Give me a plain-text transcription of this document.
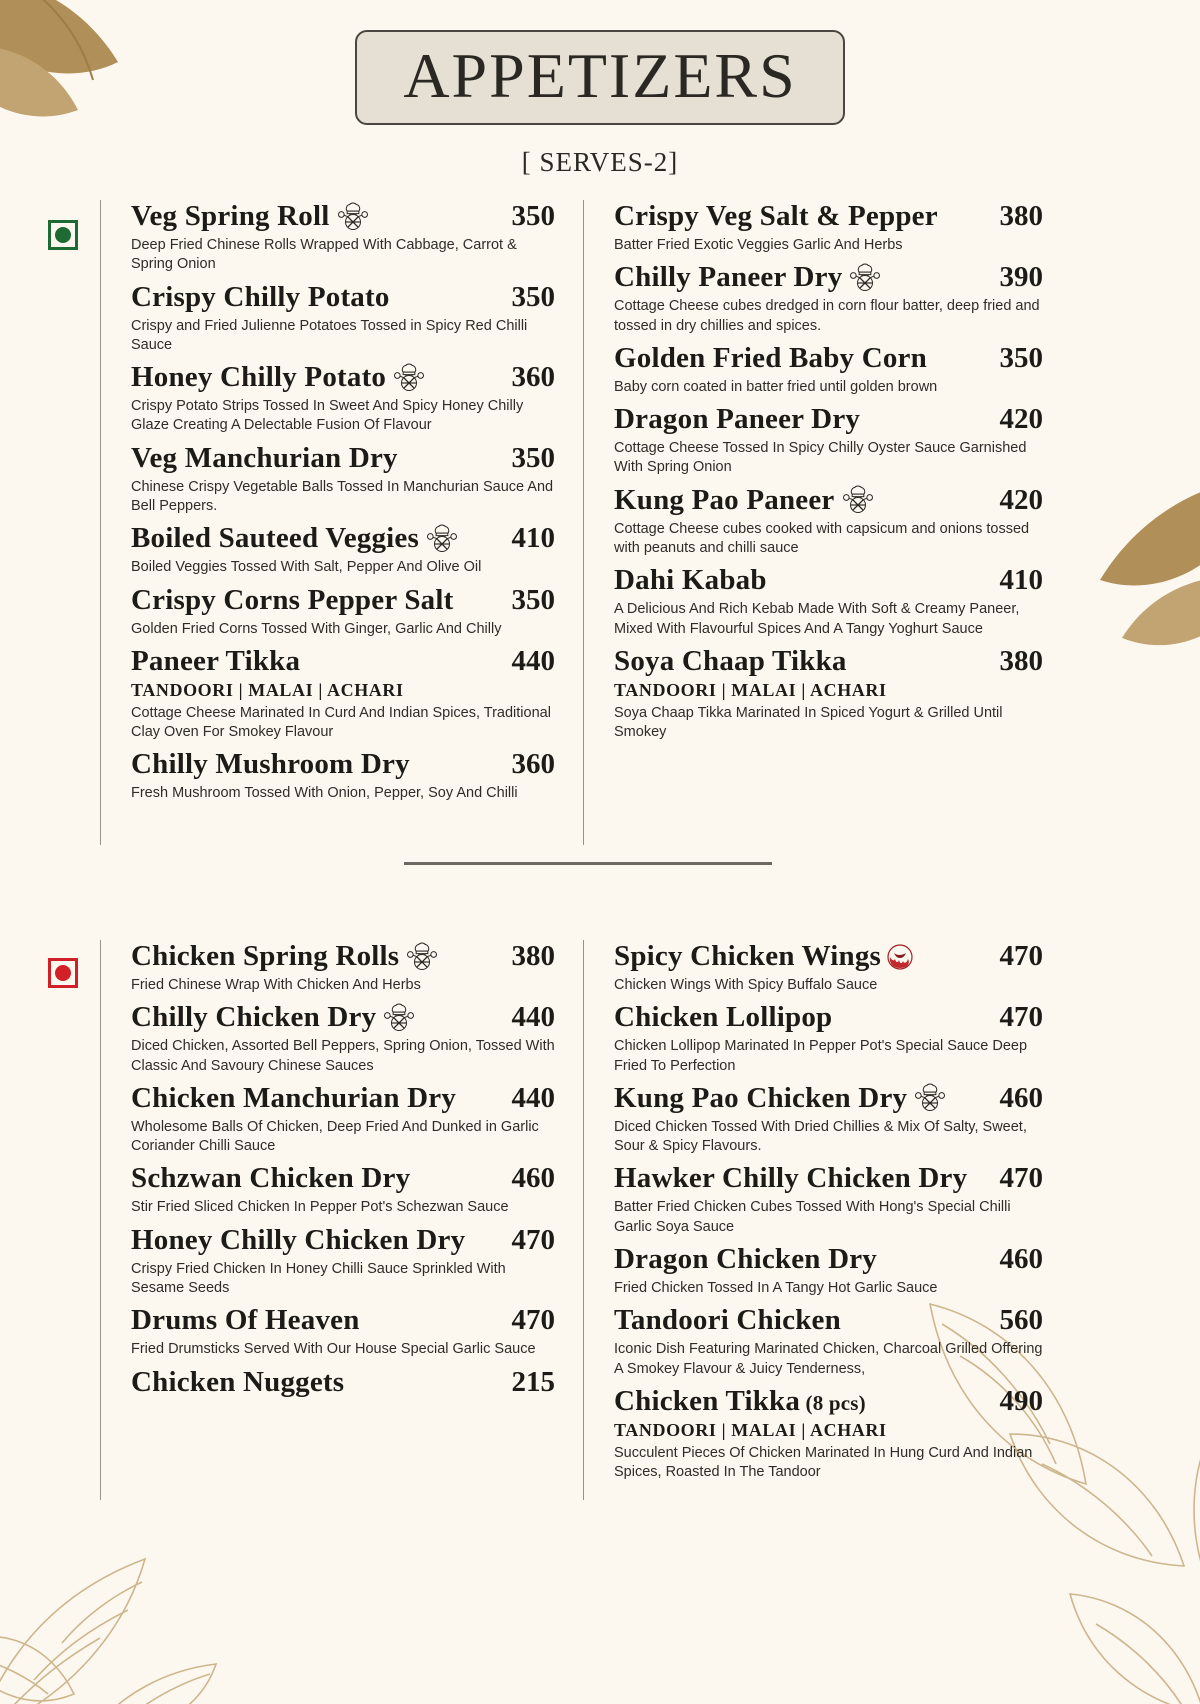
APPETIZERS
[ SERVES-2]
Veg Spring Roll	350
Deep Fried Chinese Rolls Wrapped With Cabbage, Carrot & Spring Onion
Crispy Chilly Potato	350
Crispy and Fried Julienne Potatoes Tossed in Spicy Red Chilli Sauce
Honey Chilly Potato	360
Crispy Potato Strips Tossed In Sweet And Spicy Honey Chilly Glaze Creating A Delectable Fusion Of Flavour
Veg Manchurian Dry	350
Chinese Crispy Vegetable Balls Tossed In Manchurian Sauce And Bell Peppers.
Boiled Sauteed Veggies	410
Boiled Veggies Tossed With Salt, Pepper And Olive Oil
Crispy Corns Pepper Salt 350
Golden Fried Corns Tossed With Ginger, Garlic And Chilly
Paneer Tikka	440
TANDOORI | MALAI | ACHARI
Cottage Cheese Marinated In Curd And Indian Spices, Traditional Clay Oven For Smokey Flavour
Chilly Mushroom Dry	360
Fresh Mushroom Tossed With Onion, Pepper, Soy And Chilli
Crispy Veg Salt & Pepper 380
Batter Fried Exotic Veggies Garlic And Herbs
Chilly Paneer Dry	390
Cottage Cheese cubes dredged in corn flour batter, deep fried and tossed in dry chillies and spices.
Golden Fried Baby Corn	350
Baby corn coated in batter fried until golden brown
Dragon Paneer Dry	420
Cottage Cheese Tossed In Spicy Chilly Oyster Sauce Garnished With Spring Onion
Kung Pao Paneer	420
Cottage Cheese cubes cooked with capsicum and onions tossed with peanuts and chilli sauce
Dahi Kabab	410
A Delicious And Rich Kebab Made With Soft & Creamy Paneer, Mixed With Flavourful Spices And A Tangy Yoghurt Sauce
Soya Chaap Tikka	380
TANDOORI | MALAI | ACHARI
Soya Chaap Tikka Marinated In Spiced Yogurt & Grilled Until Smokey
Chicken Spring Rolls	380
Fried Chinese Wrap With Chicken And Herbs
Chilly Chicken Dry	440
Diced Chicken, Assorted Bell Peppers, Spring Onion, Tossed With Classic And Savoury Chinese Sauces
Chicken Manchurian Dry 440
Wholesome Balls Of Chicken, Deep Fried And Dunked in Garlic Coriander Chilli Sauce
Schzwan Chicken Dry	460
Stir Fried Sliced Chicken In Pepper Pot's Schezwan Sauce
Honey Chilly Chicken Dry 470
Crispy Fried Chicken In Honey Chilli Sauce Sprinkled With Sesame Seeds
Drums Of Heaven	470
Fried Drumsticks Served With Our House Special Garlic Sauce
Chicken Nuggets	215
Spicy Chicken Wings	470
Chicken Wings With Spicy Buffalo Sauce
Chicken Lollipop	470
Chicken Lollipop Marinated In Pepper Pot's Special Sauce Deep Fried To Perfection
Kung Pao Chicken Dry	460
Diced Chicken Tossed With Dried Chillies & Mix Of Salty, Sweet, Sour & Spicy Flavours.
Hawker Chilly Chicken Dry 470
Batter Fried Chicken Cubes Tossed With Hong's Special Chilli Garlic Soya Sauce
Dragon Chicken Dry	460
Fried Chicken Tossed In A Tangy Hot Garlic Sauce
Tandoori Chicken	560
Iconic Dish Featuring Marinated Chicken, Charcoal Grilled Offering A Smokey Flavour & Juicy Tenderness,
Chicken Tikka (8 pcs)	490
TANDOORI | MALAI | ACHARI
Succulent Pieces Of Chicken Marinated In Hung Curd And Indian Spices, Roasted In The Tandoor
